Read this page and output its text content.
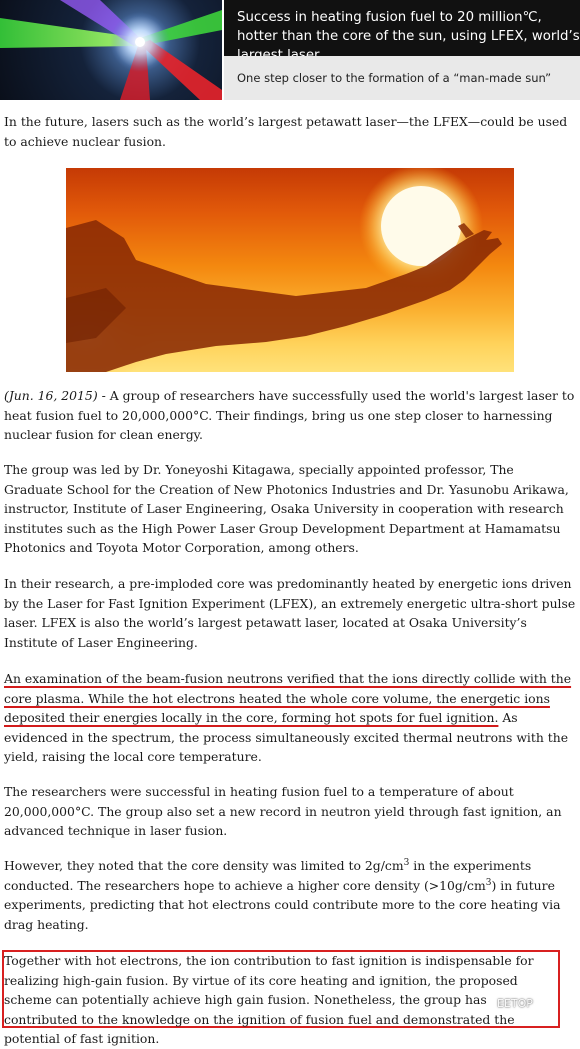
Success in heating fusion fuel to 20 million℃, hotter than the core of the sun, using LFEX, world’s
One step closer to the formation of a “man-made sun”

In the future, lasers such as the world’s largest petawatt laser—the LFEX—could be used to achieve nuclear fusion.

(Jun. 16, 2015) - A group of researchers have successfully used the world's largest laser to heat fusion fuel to 20,000,000°C. Their findings, bring us one step closer to harnessing nuclear fusion for clean energy.

The group was led by Dr. Yoneyoshi Kitagawa, specially appointed professor, The Graduate School for the Creation of New Photonics Industries and Dr. Yasunobu Arikawa, instructor, Institute of Laser Engineering, Osaka University in cooperation with research institutes such as the High Power Laser Group Development Department at Hamamatsu Photonics and Toyota Motor Corporation, among others.

In their research, a pre-imploded core was predominantly heated by energetic ions driven by the Laser for Fast Ignition Experiment (LFEX), an extremely energetic ultra-short pulse laser. LFEX is also the world’s largest petawatt laser, located at Osaka University’s Institute of Laser Engineering.

An examination of the beam-fusion neutrons verified that the ions directly collide with the core plasma. While the hot electrons heated the whole core volume, the energetic ions deposited their energies locally in the core, forming hot spots for fuel ignition. As evidenced in the spectrum, the process simultaneously excited thermal neutrons with the yield, raising the local core temperature.

The researchers were successful in heating fusion fuel to a temperature of about 20,000,000°C. The group also set a new record in neutron yield through fast ignition, an advanced technique in laser fusion.

However, they noted that the core density was limited to $2g/cm^3$ in the experiments conducted. The researchers hope to achieve a higher core density $(>10g/cm^3)$ in future experiments, predicting that hot electrons could contribute more to the core heating via drag heating.

Together with hot electrons, the ion contribution to fast ignition is indispensable for realizing high-gain fusion. By virtue of its core heating and ignition, the proposed scheme can potentially achieve high gain fusion. Nonetheless, the group has contributed to the knowledge on the ignition of fusion fuel and demonstrated the potential of fast ignition.

EETOP
